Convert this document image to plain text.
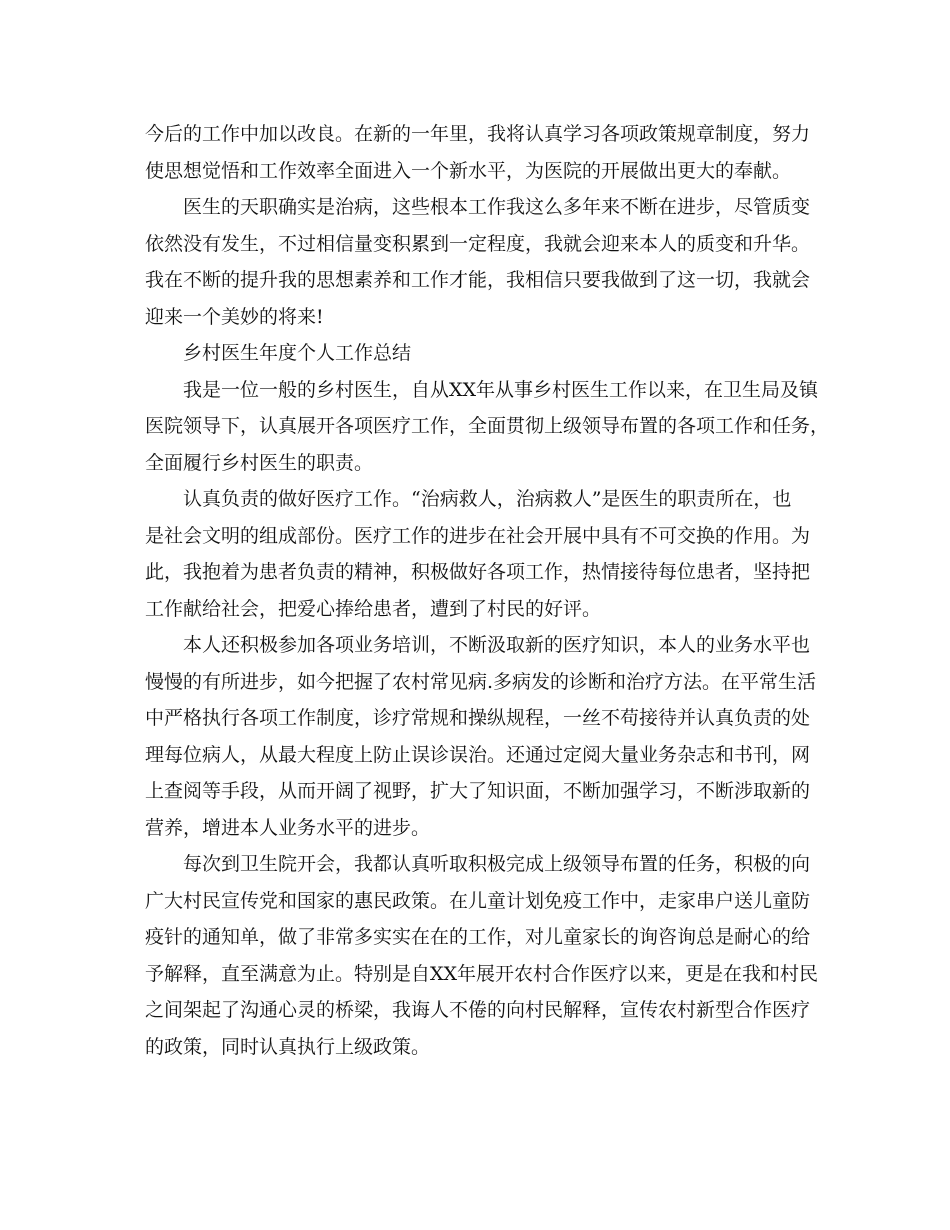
今后的工作中加以改良。在新的一年里，我将认真学习各项政策规章制度，努力
使思想觉悟和工作效率全面进入一个新水平，为医院的开展做出更大的奉献。
医生的天职确实是治病，这些根本工作我这么多年来不断在进步，尽管质变
依然没有发生，不过相信量变积累到一定程度，我就会迎来本人的质变和升华。
我在不断的提升我的思想素养和工作才能，我相信只要我做到了这一切，我就会
迎来一个美妙的将来!
乡村医生年度个人工作总结
我是一位一般的乡村医生，自从XX年从事乡村医生工作以来，在卫生局及镇
医院领导下，认真展开各项医疗工作，全面贯彻上级领导布置的各项工作和任务，
全面履行乡村医生的职责。
认真负责的做好医疗工作。“治病救人，治病救人”是医生的职责所在，也
是社会文明的组成部份。医疗工作的进步在社会开展中具有不可交换的作用。为
此，我抱着为患者负责的精神，积极做好各项工作，热情接待每位患者，坚持把
工作献给社会，把爱心捧给患者，遭到了村民的好评。
本人还积极参加各项业务培训，不断汲取新的医疗知识，本人的业务水平也
慢慢的有所进步，如今把握了农村常见病.多病发的诊断和治疗方法。在平常生活
中严格执行各项工作制度，诊疗常规和操纵规程，一丝不苟接待并认真负责的处
理每位病人，从最大程度上防止误诊误治。还通过定阅大量业务杂志和书刊，网
上查阅等手段，从而开阔了视野，扩大了知识面，不断加强学习，不断涉取新的
营养，增进本人业务水平的进步。
每次到卫生院开会，我都认真听取积极完成上级领导布置的任务，积极的向
广大村民宣传党和国家的惠民政策。在儿童计划免疫工作中，走家串户送儿童防
疫针的通知单，做了非常多实实在在的工作，对儿童家长的询咨询总是耐心的给
予解释，直至满意为止。特别是自XX年展开农村合作医疗以来，更是在我和村民
之间架起了沟通心灵的桥梁，我诲人不倦的向村民解释，宣传农村新型合作医疗
的政策，同时认真执行上级政策。
